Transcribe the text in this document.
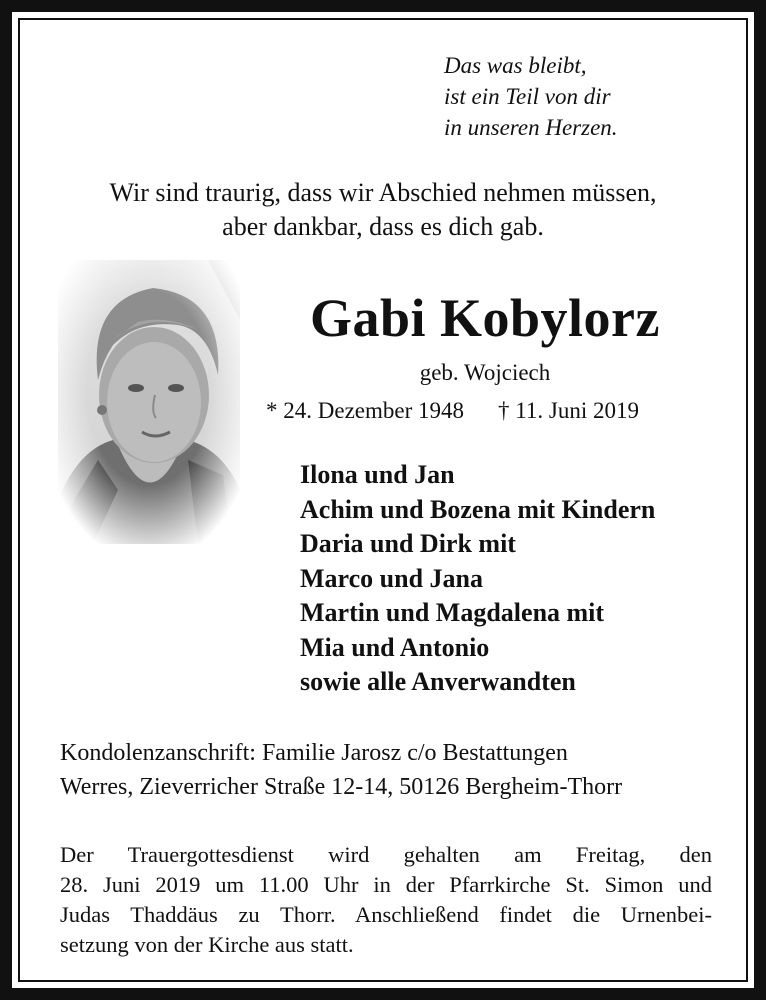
Das was bleibt,
ist ein Teil von dir
in unseren Herzen.
Wir sind traurig, dass wir Abschied nehmen müssen,
aber dankbar, dass es dich gab.
Gabi Kobylorz
geb. Wojciech
* 24. Dezember 1948 † 11. Juni 2019
Ilona und Jan
Achim und Bozena mit Kindern
Daria und Dirk mit
Marco und Jana
Martin und Magdalena mit
Mia und Antonio
sowie alle Anverwandten
Kondolenzanschrift: Familie Jarosz c/o Bestattungen
Werres, Zieverricher Straße 12-14, 50126 Bergheim-Thorr
Der Trauergottesdienst wird gehalten am Freitag, den
28. Juni 2019 um 11.00 Uhr in der Pfarrkirche St. Simon und
Judas Thaddäus zu Thorr. Anschließend findet die Urnenbei-
setzung von der Kirche aus statt.
